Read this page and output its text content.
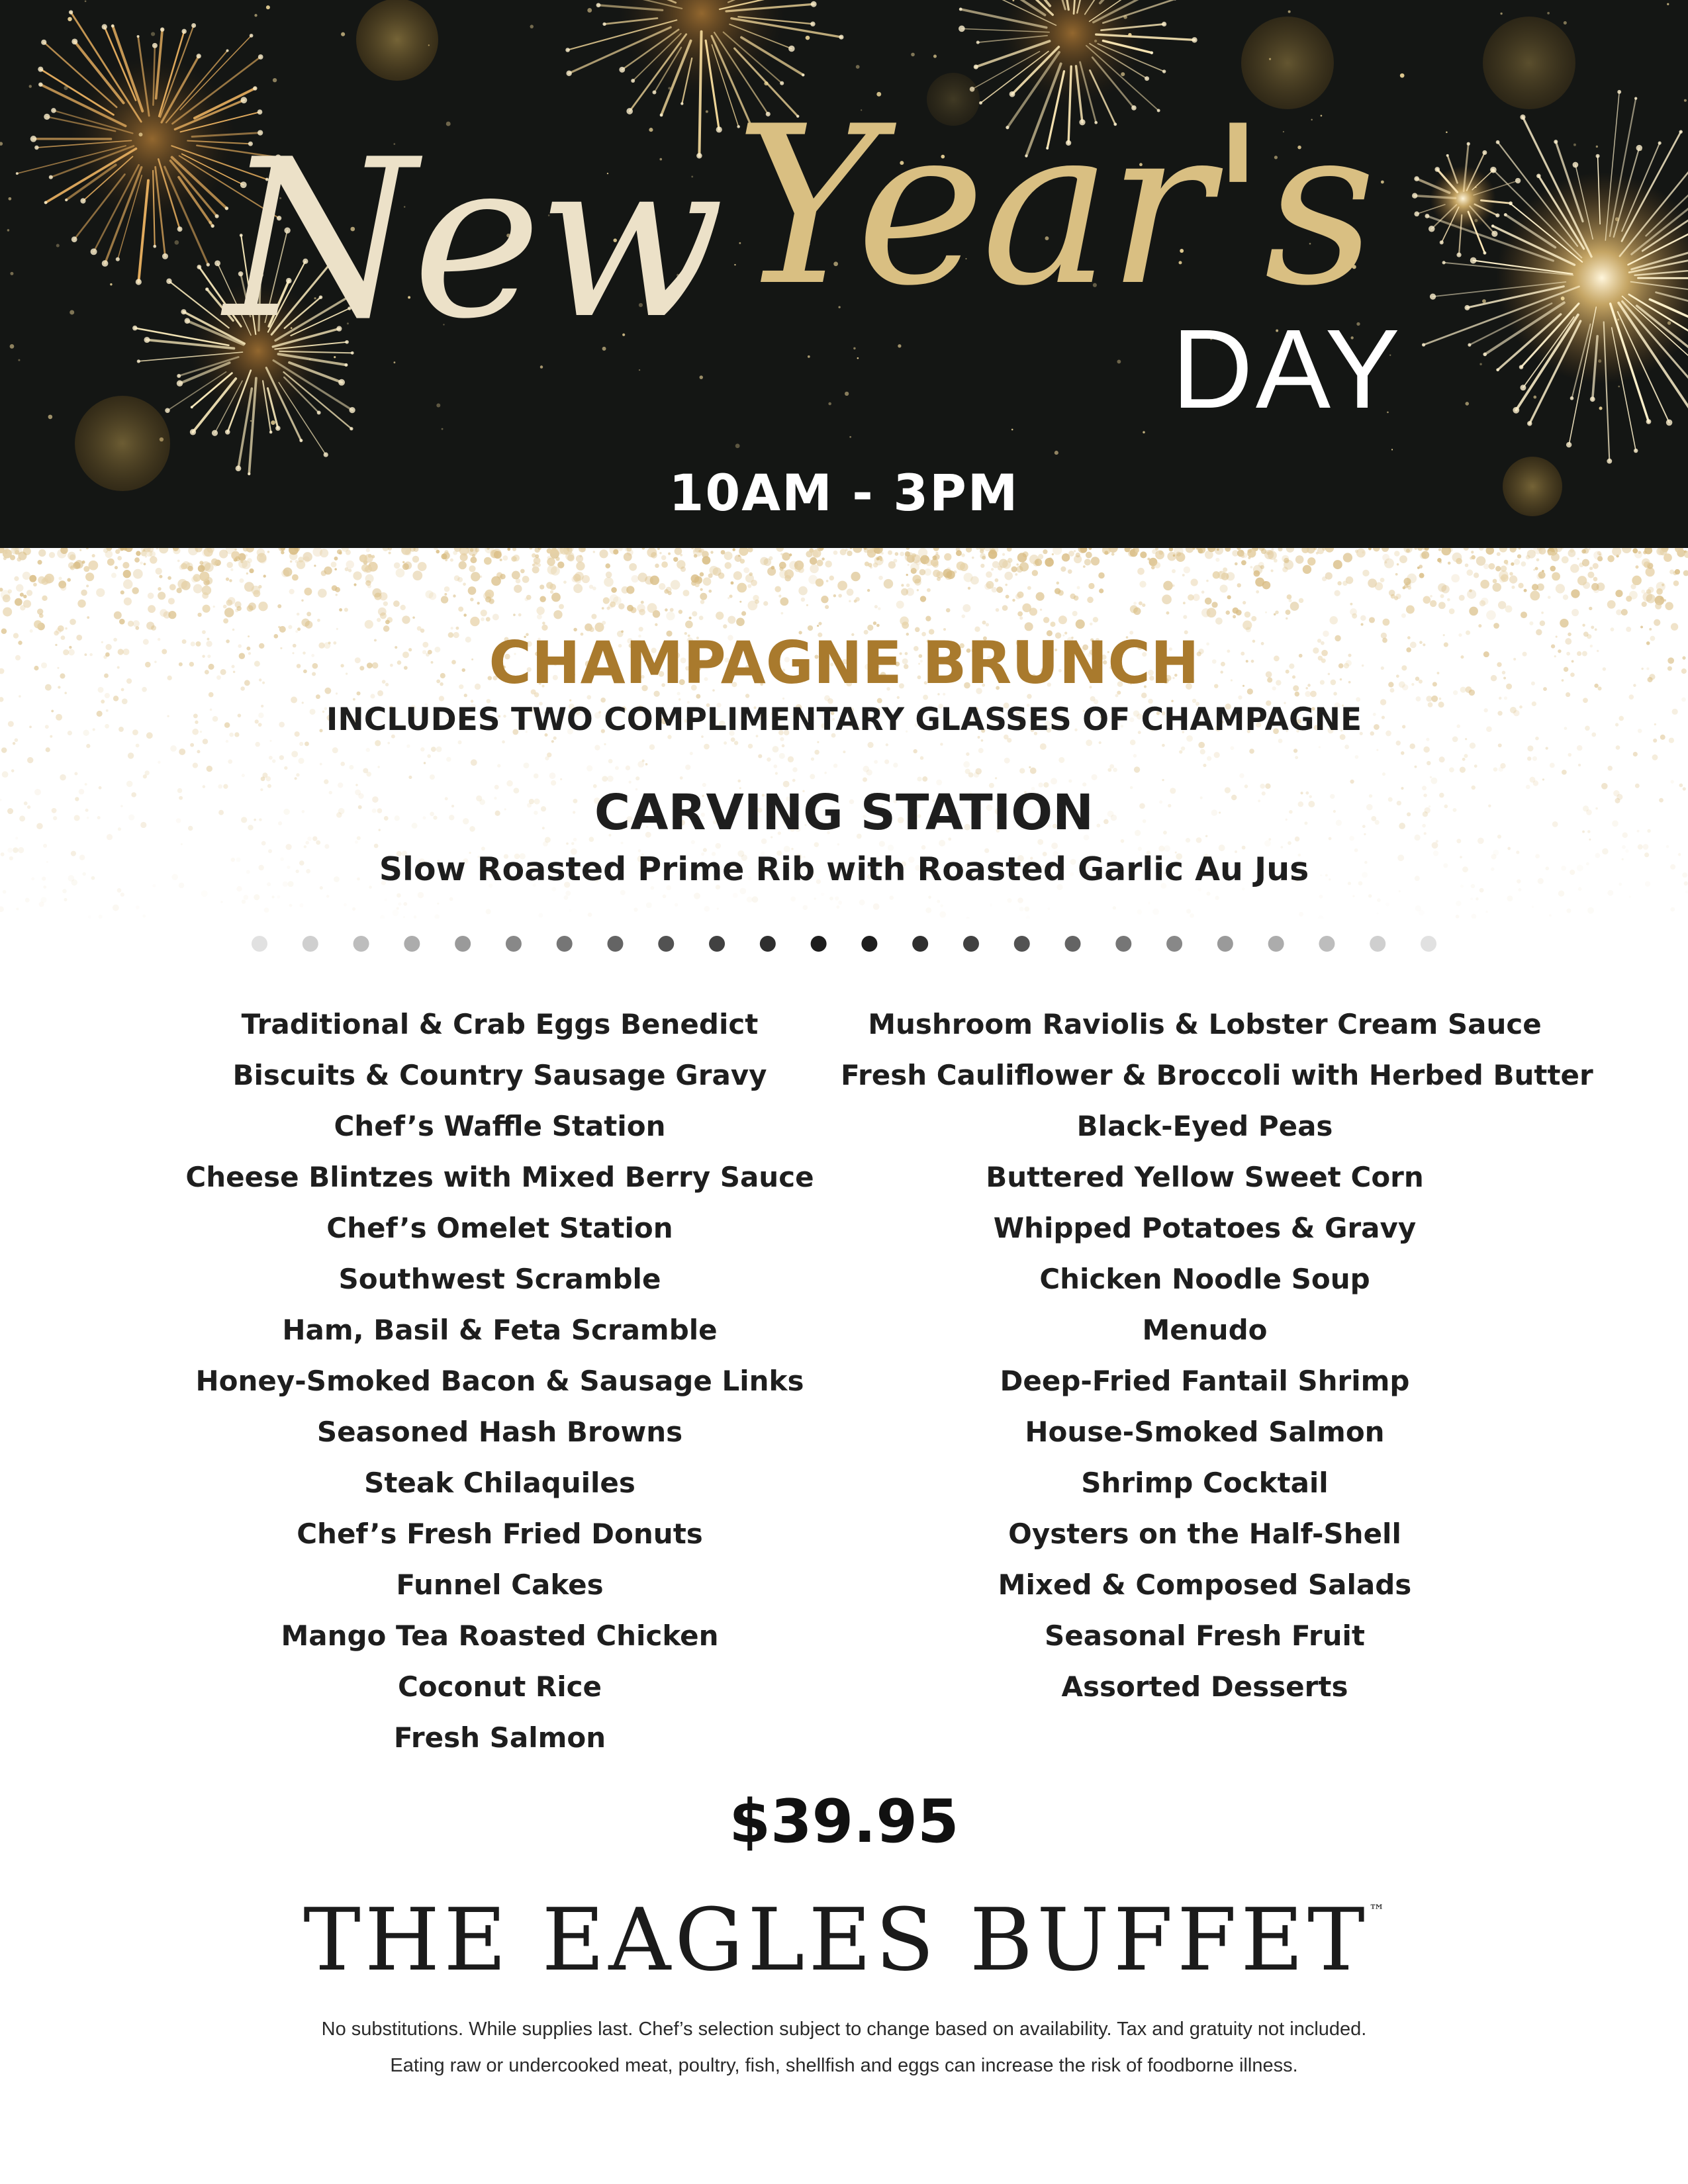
New Year's
DAY
10AM - 3PM
CHAMPAGNE BRUNCH
INCLUDES TWO COMPLIMENTARY GLASSES OF CHAMPAGNE
CARVING STATION
Slow Roasted Prime Rib with Roasted Garlic Au Jus
Traditional & Crab Eggs Benedict
Biscuits & Country Sausage Gravy
Chef’s Waffle Station
Cheese Blintzes with Mixed Berry Sauce
Chef’s Omelet Station
Southwest Scramble
Ham, Basil & Feta Scramble
Honey-Smoked Bacon & Sausage Links
Seasoned Hash Browns
Steak Chilaquiles
Chef’s Fresh Fried Donuts
Funnel Cakes
Mango Tea Roasted Chicken
Coconut Rice
Fresh Salmon
Mushroom Raviolis & Lobster Cream Sauce
Fresh Cauliflower & Broccoli with Herbed Butter
Black-Eyed Peas
Buttered Yellow Sweet Corn
Whipped Potatoes & Gravy
Chicken Noodle Soup
Menudo
Deep-Fried Fantail Shrimp
House-Smoked Salmon
Shrimp Cocktail
Oysters on the Half-Shell
Mixed & Composed Salads
Seasonal Fresh Fruit
Assorted Desserts
$39.95
THE EAGLES BUFFET™
No substitutions. While supplies last. Chef’s selection subject to change based on availability. Tax and gratuity not included.
Eating raw or undercooked meat, poultry, fish, shellfish and eggs can increase the risk of foodborne illness.
